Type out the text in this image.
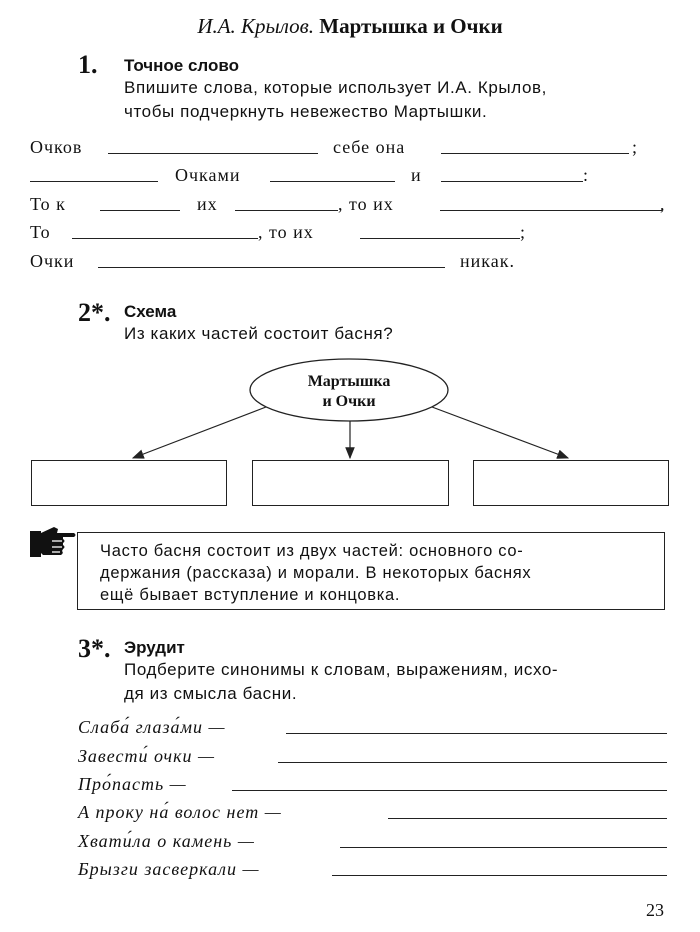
И.А. Крылов. Мартышка и Очки
1. Точное слово
Впишите слова, которые использует И.А. Крылов,
чтобы подчеркнуть невежество Мартышки.
Очков	себе она	;
Очками	и	:
То к	их	, то их	,
То	, то их	;
Очки	никак.
2*. Схема
Из каких частей состоит басня?
Мартышка
и Очки
Часто басня состоит из двух частей: основного со-
держания (рассказа) и морали. В некоторых баснях
ещё бывает вступление и концовка.
3*. Эрудит
Подберите синонимы к словам, выражениям, исхо-
дя из смысла басни.
Слаба́ глаза́ми —
Завести́ очки —
Про́пасть —
А проку на́ волос нет —
Хвати́ла о камень —
Брызги засверкали —
23
